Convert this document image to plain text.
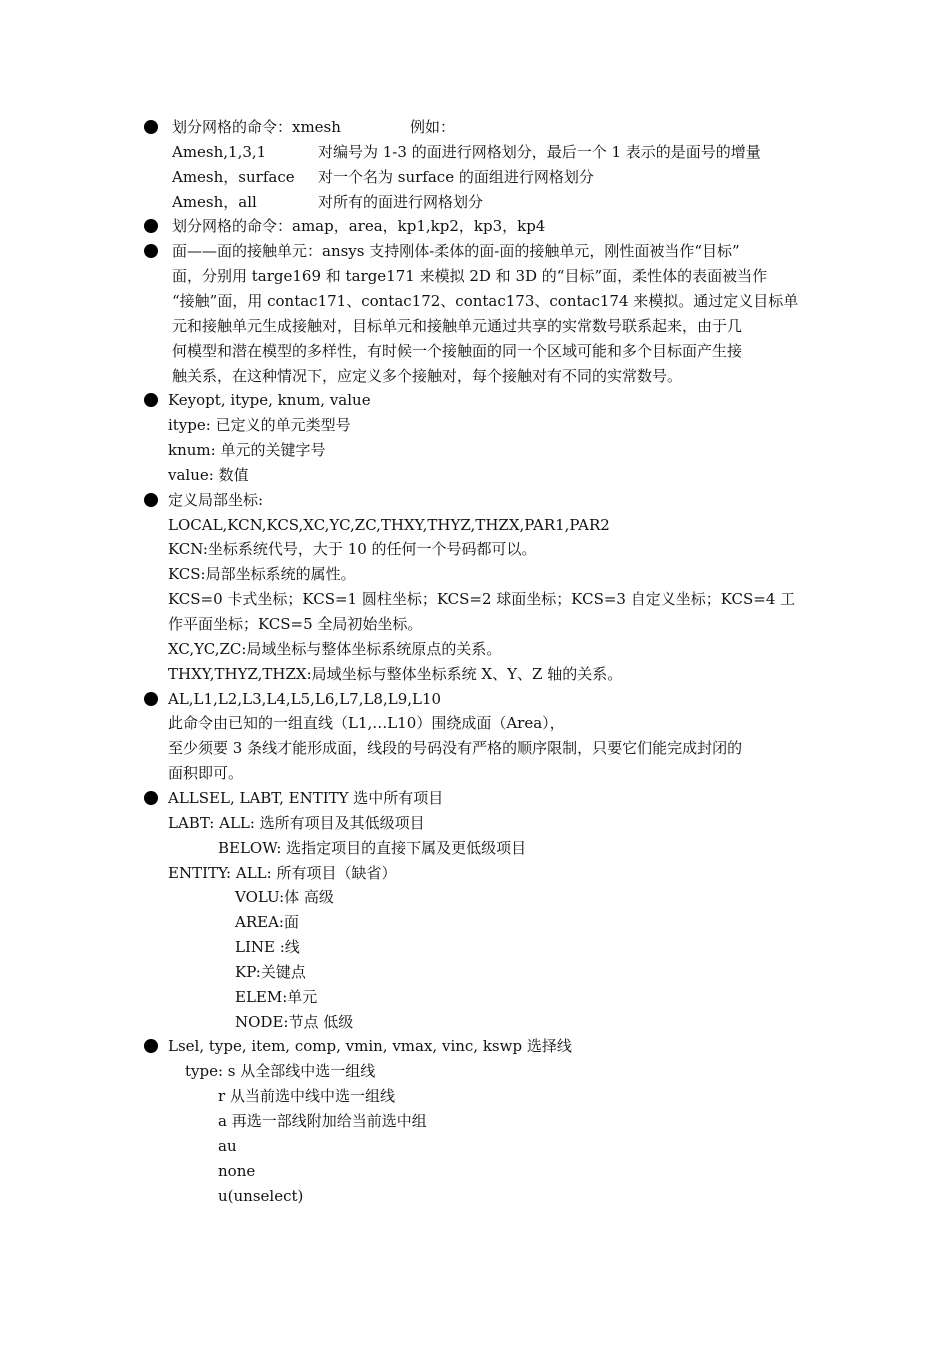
划分网格的命令：xmesh	例如：
Amesh,1,3,1	对编号为 1-3 的面进行网格划分，最后一个 1 表示的是面号的增量
Amesh，surface 对一个名为 surface 的面组进行网格划分
Amesh，all	对所有的面进行网格划分
划分网格的命令：amap，area，kp1,kp2，kp3，kp4
面——面的接触单元：ansys 支持刚体-柔体的面-面的接触单元，刚性面被当作“目标”
面，分别用 targe169 和 targe171 来模拟 2D 和 3D 的“目标”面，柔性体的表面被当作
“接触”面，用 contac171、contac172、contac173、contac174 来模拟。通过定义目标单
元和接触单元生成接触对，目标单元和接触单元通过共享的实常数号联系起来，由于几
何模型和潜在模型的多样性，有时候一个接触面的同一个区域可能和多个目标面产生接
触关系，在这种情况下，应定义多个接触对，每个接触对有不同的实常数号。
Keyopt, itype, knum, value
itype: 已定义的单元类型号
knum: 单元的关键字号
value: 数值
定义局部坐标:
LOCAL,KCN,KCS,XC,YC,ZC,THXY,THYZ,THZX,PAR1,PAR2
KCN:坐标系统代号，大于 10 的任何一个号码都可以。
KCS:局部坐标系统的属性。
KCS=0 卡式坐标；KCS=1 圆柱坐标；KCS=2 球面坐标；KCS=3 自定义坐标；KCS=4 工
作平面坐标；KCS=5 全局初始坐标。
XC,YC,ZC:局域坐标与整体坐标系统原点的关系。
THXY,THYZ,THZX:局域坐标与整体坐标系统 X、Y、Z 轴的关系。
AL,L1,L2,L3,L4,L5,L6,L7,L8,L9,L10
此命令由已知的一组直线（L1,…L10）围绕成面（Area），
至少须要 3 条线才能形成面，线段的号码没有严格的顺序限制，只要它们能完成封闭的
面积即可。
ALLSEL, LABT, ENTITY 选中所有项目
LABT: ALL: 选所有项目及其低级项目
BELOW: 选指定项目的直接下属及更低级项目
ENTITY: ALL: 所有项目（缺省）
VOLU:体 高级
AREA:面
LINE :线
KP:关键点
ELEM:单元
NODE:节点 低级
Lsel, type, item, comp, vmin, vmax, vinc, kswp 选择线
type: s 从全部线中选一组线
r 从当前选中线中选一组线
a 再选一部线附加给当前选中组
au
none
u(unselect)
